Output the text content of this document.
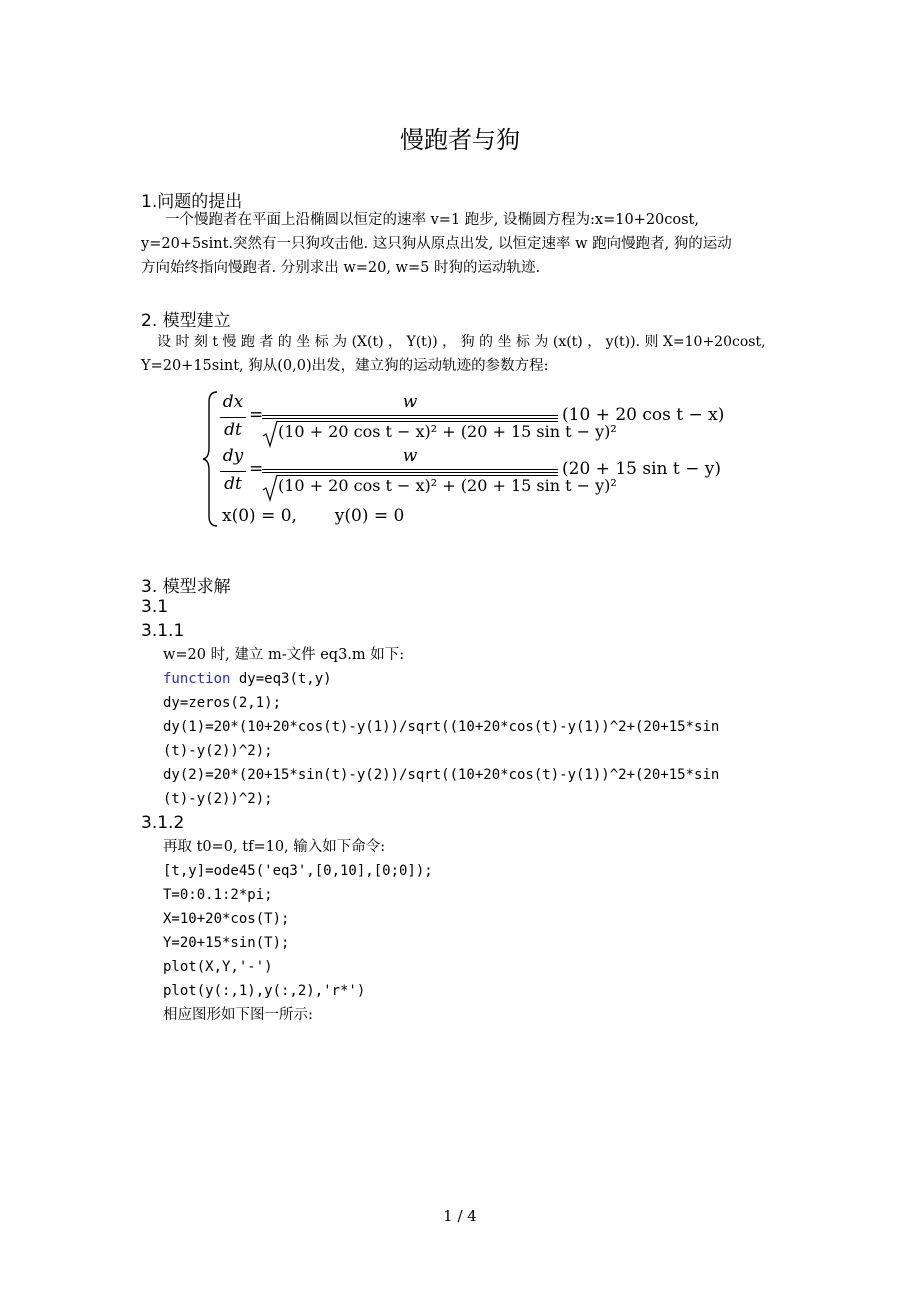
慢跑者与狗
1.问题的提出
一个慢跑者在平面上沿椭圆以恒定的速率 v=1 跑步, 设椭圆方程为:x=10+20cost,
y=20+5sint.突然有一只狗攻击他. 这只狗从原点出发, 以恒定速率 w 跑向慢跑者, 狗的运动
方向始终指向慢跑者. 分别求出 w=20, w=5 时狗的运动轨迹.
2. 模型建立
设 时 刻 t 慢 跑 者 的 坐 标 为 (X(t) ， Y(t)) ， 狗 的 坐 标 为 (x(t) ， y(t)). 则 X=10+20cost,
Y=20+15sint, 狗从(0,0)出发，建立狗的运动轨迹的参数方程:
dx
dt
=
w
(10 + 20 cos t − x)² + (20 + 15 sin t − y)²
(10 + 20 cos t − x)
dy
dt
=
w
(10 + 20 cos t − x)² + (20 + 15 sin t − y)²
(20 + 15 sin t − y)
x(0) = 0,       y(0) = 0
3. 模型求解
3.1
3.1.1
w=20 时, 建立 m-文件 eq3.m 如下:
function dy=eq3(t,y)
dy=zeros(2,1);
dy(1)=20*(10+20*cos(t)-y(1))/sqrt((10+20*cos(t)-y(1))^2+(20+15*sin
(t)-y(2))^2);
dy(2)=20*(20+15*sin(t)-y(2))/sqrt((10+20*cos(t)-y(1))^2+(20+15*sin
(t)-y(2))^2);
3.1.2
再取 t0=0, tf=10, 输入如下命令:
[t,y]=ode45('eq3',[0,10],[0;0]);
T=0:0.1:2*pi;
X=10+20*cos(T);
Y=20+15*sin(T);
plot(X,Y,'-')
plot(y(:,1),y(:,2),'r*')
相应图形如下图一所示:
1 / 4
